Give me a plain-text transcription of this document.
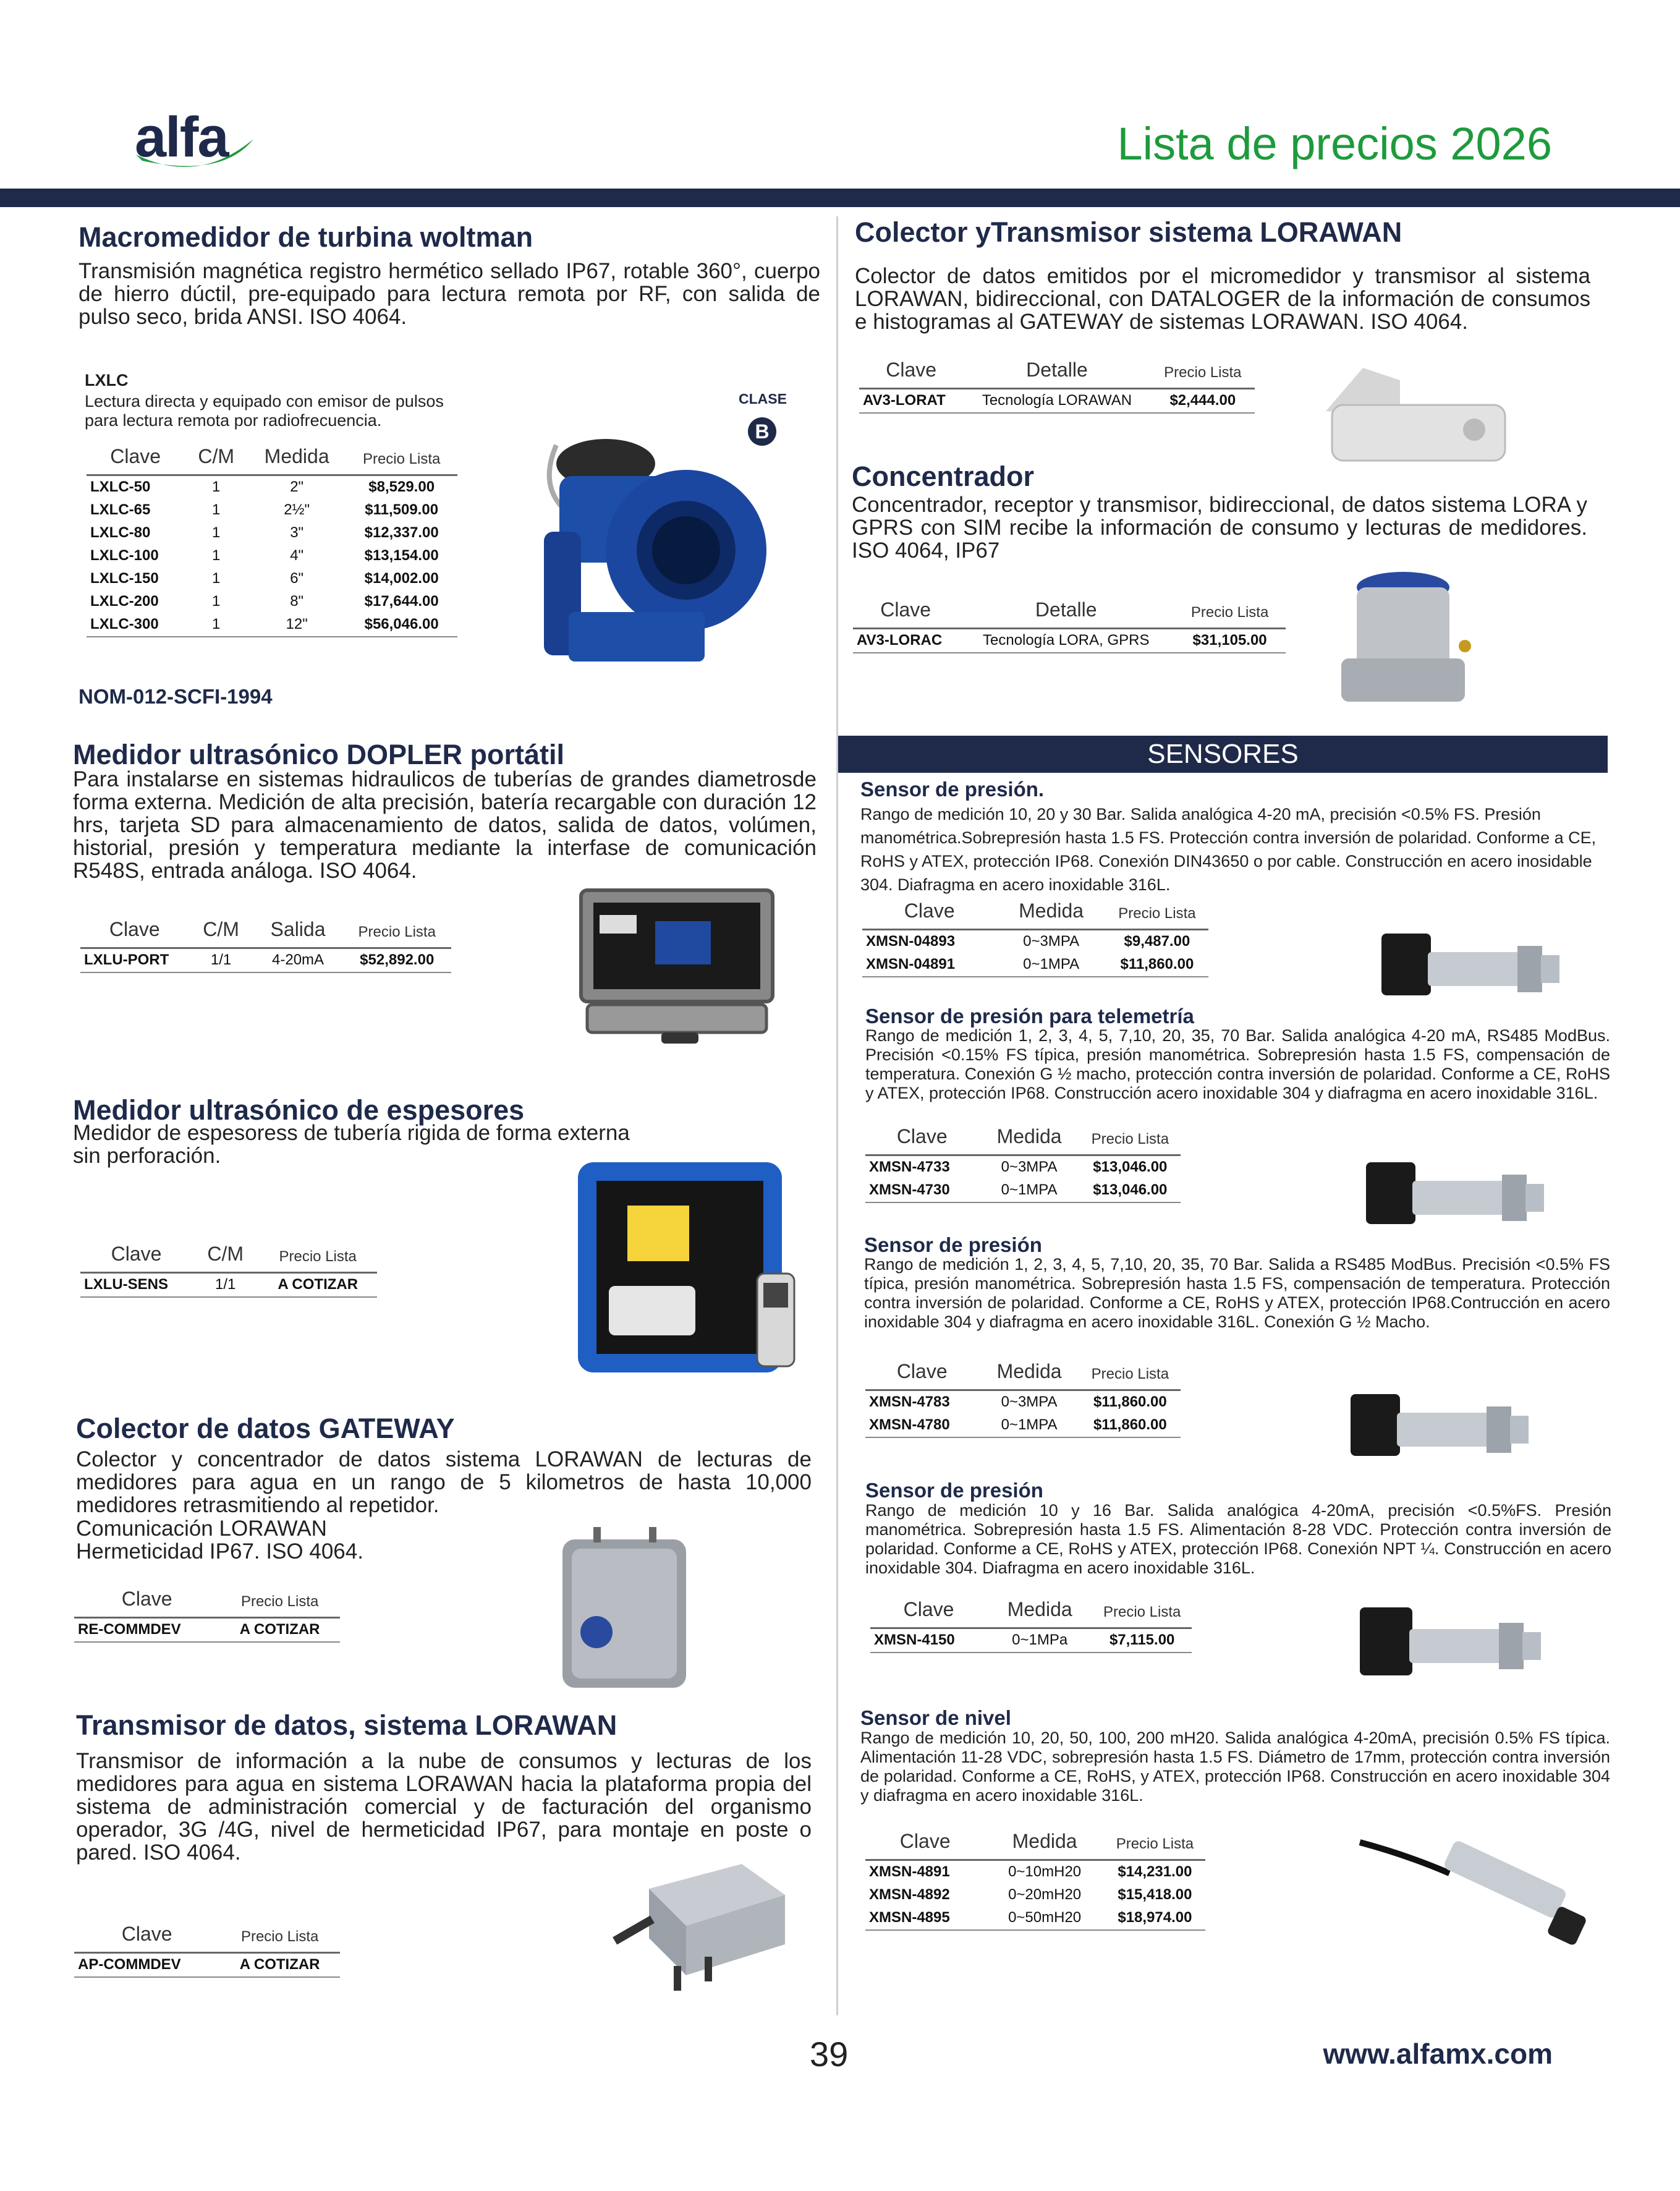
alfa	Lista de precios 2026
Macromedidor de turbina woltman

Transmisión magnética registro hermético sellado IP67, rotable 360°, cuerpo de hierro dúctil, pre-equipado para lectura remota por RF, con salida de pulso seco, brida ANSI. ISO 4064.

LXLC

Lectura directa y equipado con emisor de pulsos para lectura remota por radiofrecuencia.

CLASE
B
Clave	C/M	Medida	Precio Lista
LXLC-50	1	2"	$8,529.00
LXLC-65	1	2½"	$11,509.00
LXLC-80	1	3"	$12,337.00
LXLC-100	1	4"	$13,154.00
LXLC-150	1	6"	$14,002.00
LXLC-200	1	8"	$17,644.00
LXLC-300	1	12"	$56,046.00
NOM-012-SCFI-1994
Medidor ultrasónico DOPLER portátil

Para instalarse en sistemas hidraulicos de tuberías de grandes diametrosde forma externa. Medición de alta precisión, batería recargable con duración 12 hrs, tarjeta SD para almacenamiento de datos, salida de datos, volúmen, historial, presión y temperatura mediante la interfase de comunicación R548S, entrada análoga. ISO 4064.

Clave	C/M	Salida	Precio Lista
LXLU-PORT	1/1	4-20mA	$52,892.00
Medidor ultrasónico de espesores

Medidor de espesoress de tubería rigida de forma externa sin perforación.

Clave	C/M	Precio Lista
LXLU-SENS	1/1	A COTIZAR
Colector de datos GATEWAY

Colector y concentrador de datos sistema LORAWAN de lecturas de medidores para agua en un rango de 5 kilometros de hasta 10,000 medidores retrasmitiendo al repetidor.

Comunicación LORAWAN

Hermeticidad IP67. ISO 4064.

Clave	Precio Lista
RE-COMMDEV	A COTIZAR
Transmisor de datos, sistema LORAWAN

Transmisor de información a la nube de consumos y lecturas de los medidores para agua en sistema LORAWAN hacia la plataforma propia del sistema de administración comercial y de facturación del organismo operador, 3G /4G, nivel de hermeticidad IP67, para montaje en poste o pared. ISO 4064.

Clave	Precio Lista
AP-COMMDEV	A COTIZAR
Colector yTransmisor sistema LORAWAN

Colector de datos emitidos por el micromedidor y transmisor al sistema LORAWAN, bidireccional, con DATALOGER de la información de consumos e histogramas al GATEWAY de sistemas LORAWAN. ISO 4064.

Clave	Detalle	Precio Lista
AV3-LORAT	Tecnología LORAWAN	$2,444.00
Concentrador

Concentrador, receptor y transmisor, bidireccional, de datos sistema LORA y GPRS con SIM recibe la información de consumo y lecturas de medidores. ISO 4064, IP67

Clave	Detalle	Precio Lista
AV3-LORAC	Tecnología LORA, GPRS	$31,105.00
SENSORES
Sensor de presión.

Rango de medición 10, 20 y 30 Bar. Salida analógica 4-20 mA, precisión <0.5% FS. Presión manométrica.Sobrepresión hasta 1.5 FS. Protección contra inversión de polaridad. Conforme a CE, RoHS y ATEX, protección IP68. Conexión DIN43650 o por cable. Construcción en acero inosidable 304. Diafragma en acero inoxidable 316L.

Clave	Medida	Precio Lista
XMSN-04893	0~3MPA	$9,487.00
XMSN-04891	0~1MPA	$11,860.00
Sensor de presión para telemetría

Rango de medición 1, 2, 3, 4, 5, 7,10, 20, 35, 70 Bar. Salida analógica 4-20 mA, RS485 ModBus. Precisión <0.15% FS típica, presión manométrica. Sobrepresión hasta 1.5 FS, compensación de temperatura. Conexión G ½ macho, protección contra inversión de polaridad. Conforme a CE, RoHS y ATEX, protección IP68. Construcción acero inoxidable 304 y diafragma en acero inoxidable 316L.

Clave	Medida	Precio Lista
XMSN-4733	0~3MPA	$13,046.00
XMSN-4730	0~1MPA	$13,046.00
Sensor de presión

Rango de medición 1, 2, 3, 4, 5, 7,10, 20, 35, 70 Bar. Salida a RS485 ModBus. Precisión <0.5% FS típica, presión manométrica. Sobrepresión hasta 1.5 FS, compensación de temperatura. Protección contra inversión de polaridad. Conforme a CE, RoHS y ATEX, protección IP68.Contrucción en acero inoxidable 304 y diafragma en acero inoxidable 316L. Conexión G ½ Macho.

Clave	Medida	Precio Lista
XMSN-4783	0~3MPA	$11,860.00
XMSN-4780	0~1MPA	$11,860.00
Sensor de presión

Rango de medición 10 y 16 Bar. Salida analógica 4-20mA, precisión <0.5%FS. Presión manométrica. Sobrepresión hasta 1.5 FS. Alimentación 8-28 VDC. Protección contra inversión de polaridad. Conforme a CE, RoHS y ATEX, protección IP68. Conexión NPT ¼. Construcción en acero inoxidable 304. Diafragma en acero inoxidable 316L.

Clave	Medida	Precio Lista
XMSN-4150	0~1MPa	$7,115.00
Sensor de nivel

Rango de medición 10, 20, 50, 100, 200 mH20. Salida analógica 4-20mA, precisión 0.5% FS típica. Alimentación 11-28 VDC, sobrepresión hasta 1.5 FS. Diámetro de 17mm, protección contra inversión de polaridad. Conforme a CE, RoHS, y ATEX, protección IP68. Construcción en acero inoxidable 304 y diafragma en acero inoxidable 316L.

Clave	Medida	Precio Lista
XMSN-4891	0~10mH20	$14,231.00
XMSN-4892	0~20mH20	$15,418.00
XMSN-4895	0~50mH20	$18,974.00
39	www.alfamx.com
